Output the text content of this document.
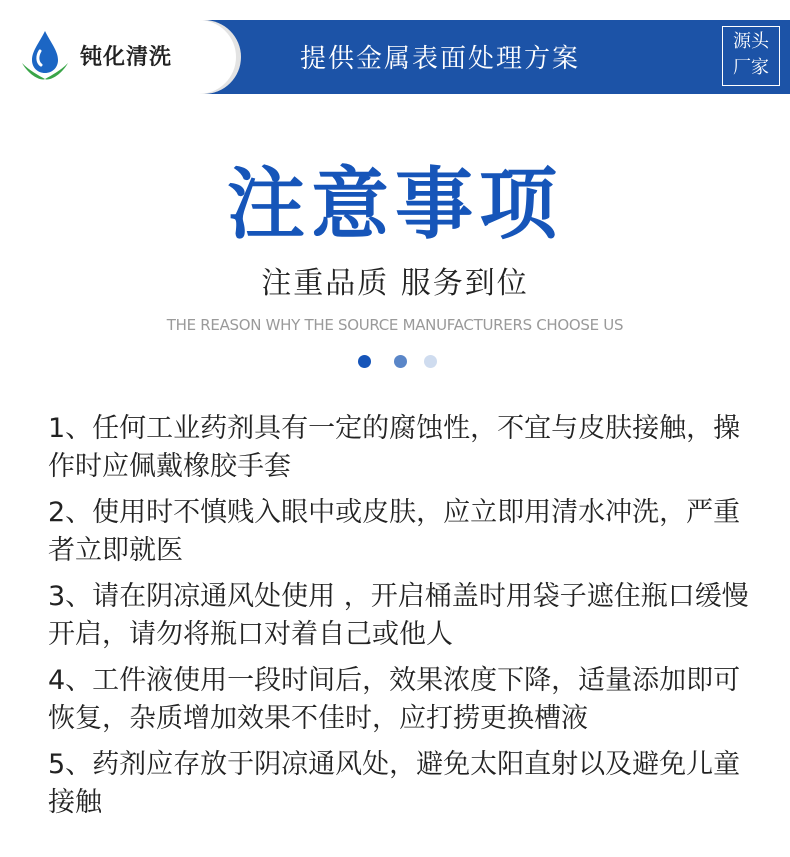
钝化清洗	提供金属表面处理方案
源头
厂家
注意事项
注重品质 服务到位
THE REASON WHY THE SOURCE MANUFACTURERS CHOOSE US
1、任何工业药剂具有一定的腐蚀性，不宜与皮肤接触，操作时应佩戴橡胶手套
2、使用时不慎贱入眼中或皮肤，应立即用清水冲洗，严重者立即就医
3、请在阴凉通风处使用 ，开启桶盖时用袋子遮住瓶口缓慢开启，请勿将瓶口对着自己或他人
4、工件液使用一段时间后，效果浓度下降，适量添加即可恢复，杂质增加效果不佳时，应打捞更换槽液
5、药剂应存放于阴凉通风处，避免太阳直射以及避免儿童接触
